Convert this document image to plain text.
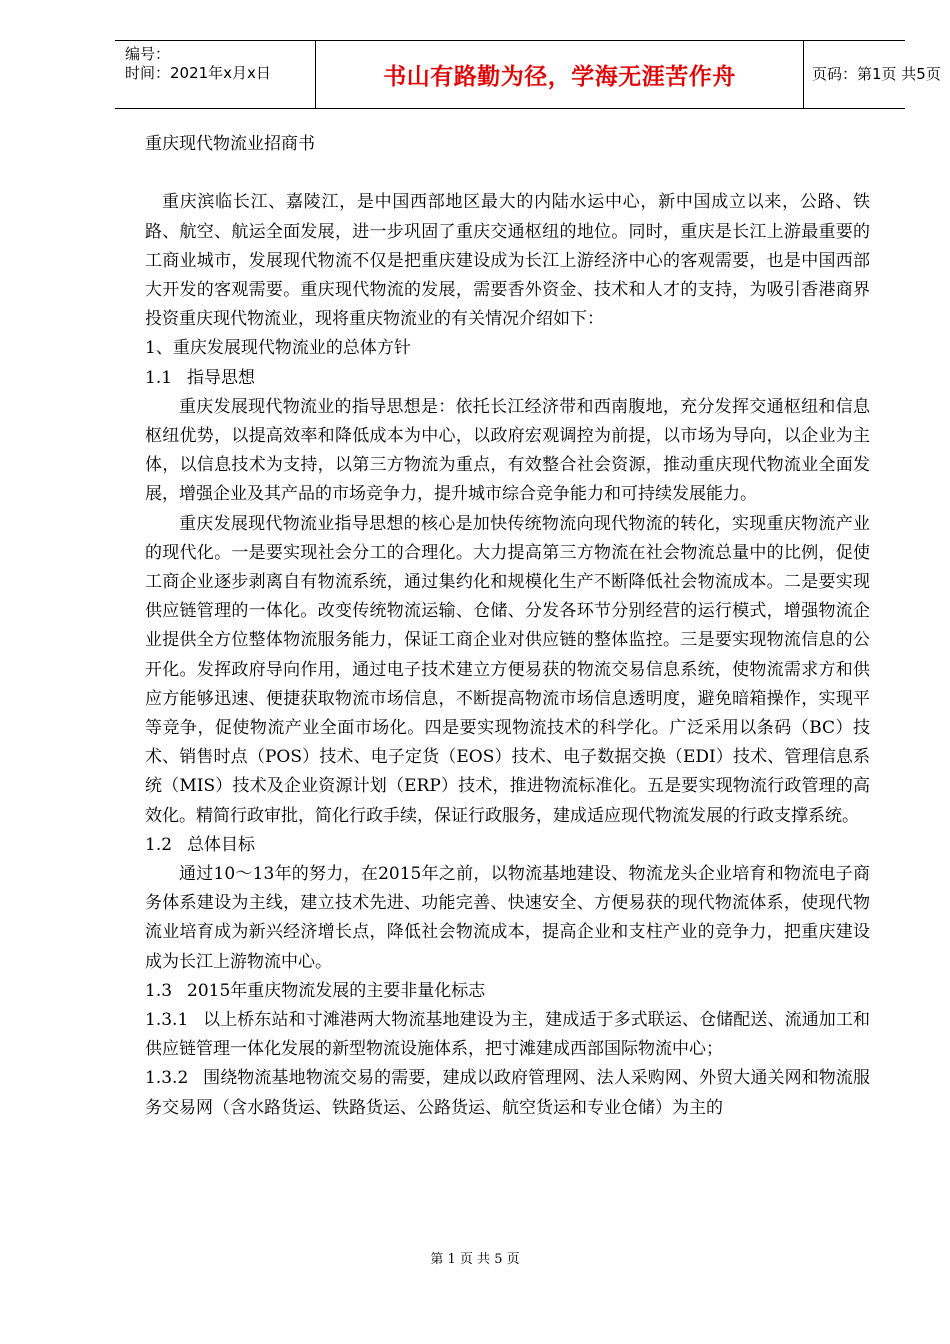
编号：
时间：2021年x月x日	书山有路勤为径，学海无涯苦作舟	页码：第1页 共5页

重庆现代物流业招商书

重庆滨临长江、嘉陵江，是中国西部地区最大的内陆水运中心，新中国成立以来，公路、铁路、航空、航运全面发展，进一步巩固了重庆交通枢纽的地位。同时，重庆是长江上游最重要的工商业城市，发展现代物流不仅是把重庆建设成为长江上游经济中心的客观需要，也是中国西部大开发的客观需要。重庆现代物流的发展，需要香外资金、技术和人才的支持，为吸引香港商界投资重庆现代物流业，现将重庆物流业的有关情况介绍如下：

1、重庆发展现代物流业的总体方针

1.1 指导思想

重庆发展现代物流业的指导思想是：依托长江经济带和西南腹地，充分发挥交通枢纽和信息枢纽优势，以提高效率和降低成本为中心，以政府宏观调控为前提，以市场为导向，以企业为主体，以信息技术为支持，以第三方物流为重点，有效整合社会资源，推动重庆现代物流业全面发展，增强企业及其产品的市场竞争力，提升城市综合竞争能力和可持续发展能力。

重庆发展现代物流业指导思想的核心是加快传统物流向现代物流的转化，实现重庆物流产业的现代化。一是要实现社会分工的合理化。大力提高第三方物流在社会物流总量中的比例，促使工商企业逐步剥离自有物流系统，通过集约化和规模化生产不断降低社会物流成本。二是要实现供应链管理的一体化。改变传统物流运输、仓储、分发各环节分别经营的运行模式，增强物流企业提供全方位整体物流服务能力，保证工商企业对供应链的整体监控。三是要实现物流信息的公开化。发挥政府导向作用，通过电子技术建立方便易获的物流交易信息系统，使物流需求方和供应方能够迅速、便捷获取物流市场信息，不断提高物流市场信息透明度，避免暗箱操作，实现平等竞争，促使物流产业全面市场化。四是要实现物流技术的科学化。广泛采用以条码（BC）技术、销售时点（POS）技术、电子定货（EOS）技术、电子数据交换（EDI）技术、管理信息系统（MIS）技术及企业资源计划（ERP）技术，推进物流标准化。五是要实现物流行政管理的高效化。精简行政审批，简化行政手续，保证行政服务，建成适应现代物流发展的行政支撑系统。

1.2 总体目标

通过10～13年的努力，在2015年之前，以物流基地建设、物流龙头企业培育和物流电子商务体系建设为主线，建立技术先进、功能完善、快速安全、方便易获的现代物流体系，使现代物流业培育成为新兴经济增长点，降低社会物流成本，提高企业和支柱产业的竞争力，把重庆建设成为长江上游物流中心。

1.3 2015年重庆物流发展的主要非量化标志

1.3.1 以上桥东站和寸滩港两大物流基地建设为主，建成适于多式联运、仓储配送、流通加工和供应链管理一体化发展的新型物流设施体系，把寸滩建成西部国际物流中心；

1.3.2 围绕物流基地物流交易的需要，建成以政府管理网、法人采购网、外贸大通关网和物流服务交易网（含水路货运、铁路货运、公路货运、航空货运和专业仓储）为主的

第 1 页 共 5 页
